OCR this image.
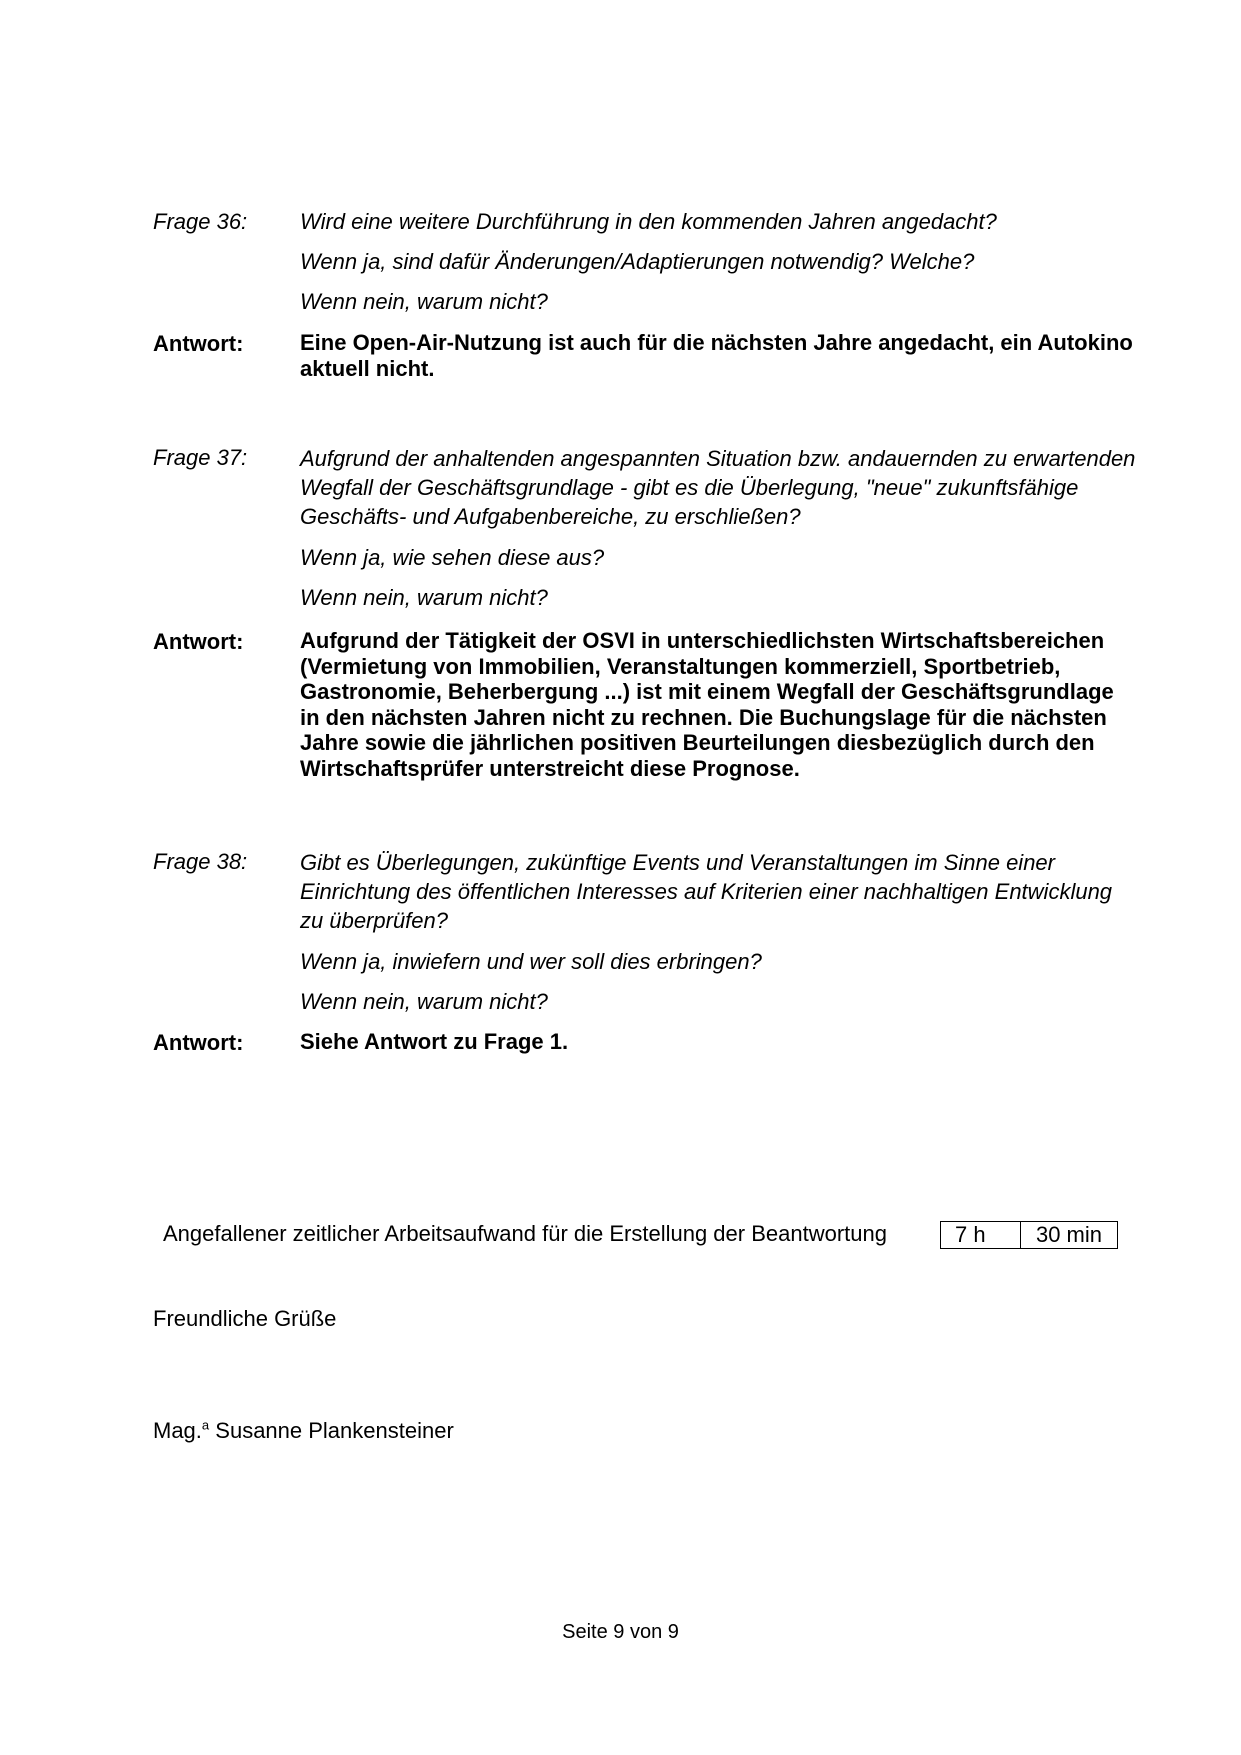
Frage 36: Wird eine weitere Durchführung in den kommenden Jahren angedacht?
Wenn ja, sind dafür Änderungen/Adaptierungen notwendig? Welche?
Wenn nein, warum nicht?
Antwort:	Eine Open-Air-Nutzung ist auch für die nächsten Jahre angedacht, ein Autokino aktuell nicht.
Frage 37: Aufgrund der anhaltenden angespannten Situation bzw. andauernden zu erwartenden Wegfall der Geschäftsgrundlage - gibt es die Überlegung, "neue" zukunftsfähige Geschäfts- und Aufgabenbereiche, zu erschließen?
Wenn ja, wie sehen diese aus?
Wenn nein, warum nicht?
Antwort:	Aufgrund der Tätigkeit der OSVI in unterschiedlichsten Wirtschaftsbereichen (Vermietung von Immobilien, Veranstaltungen kommerziell, Sportbetrieb, Gastronomie, Beherbergung ...) ist mit einem Wegfall der Geschäftsgrundlage in den nächsten Jahren nicht zu rechnen. Die Buchungslage für die nächsten Jahre sowie die jährlichen positiven Beurteilungen diesbezüglich durch den Wirtschaftsprüfer unterstreicht diese Prognose.
Frage 38: Gibt es Überlegungen, zukünftige Events und Veranstaltungen im Sinne einer Einrichtung des öffentlichen Interesses auf Kriterien einer nachhaltigen Entwicklung zu überprüfen?
Wenn ja, inwiefern und wer soll dies erbringen?
Wenn nein, warum nicht?
Antwort:	Siehe Antwort zu Frage 1.
Angefallener zeitlicher Arbeitsaufwand für die Erstellung der Beantwortung	7 h	30 min
Freundliche Grüße
Mag.$^a$ Susanne Plankensteiner
Seite 9 von 9
